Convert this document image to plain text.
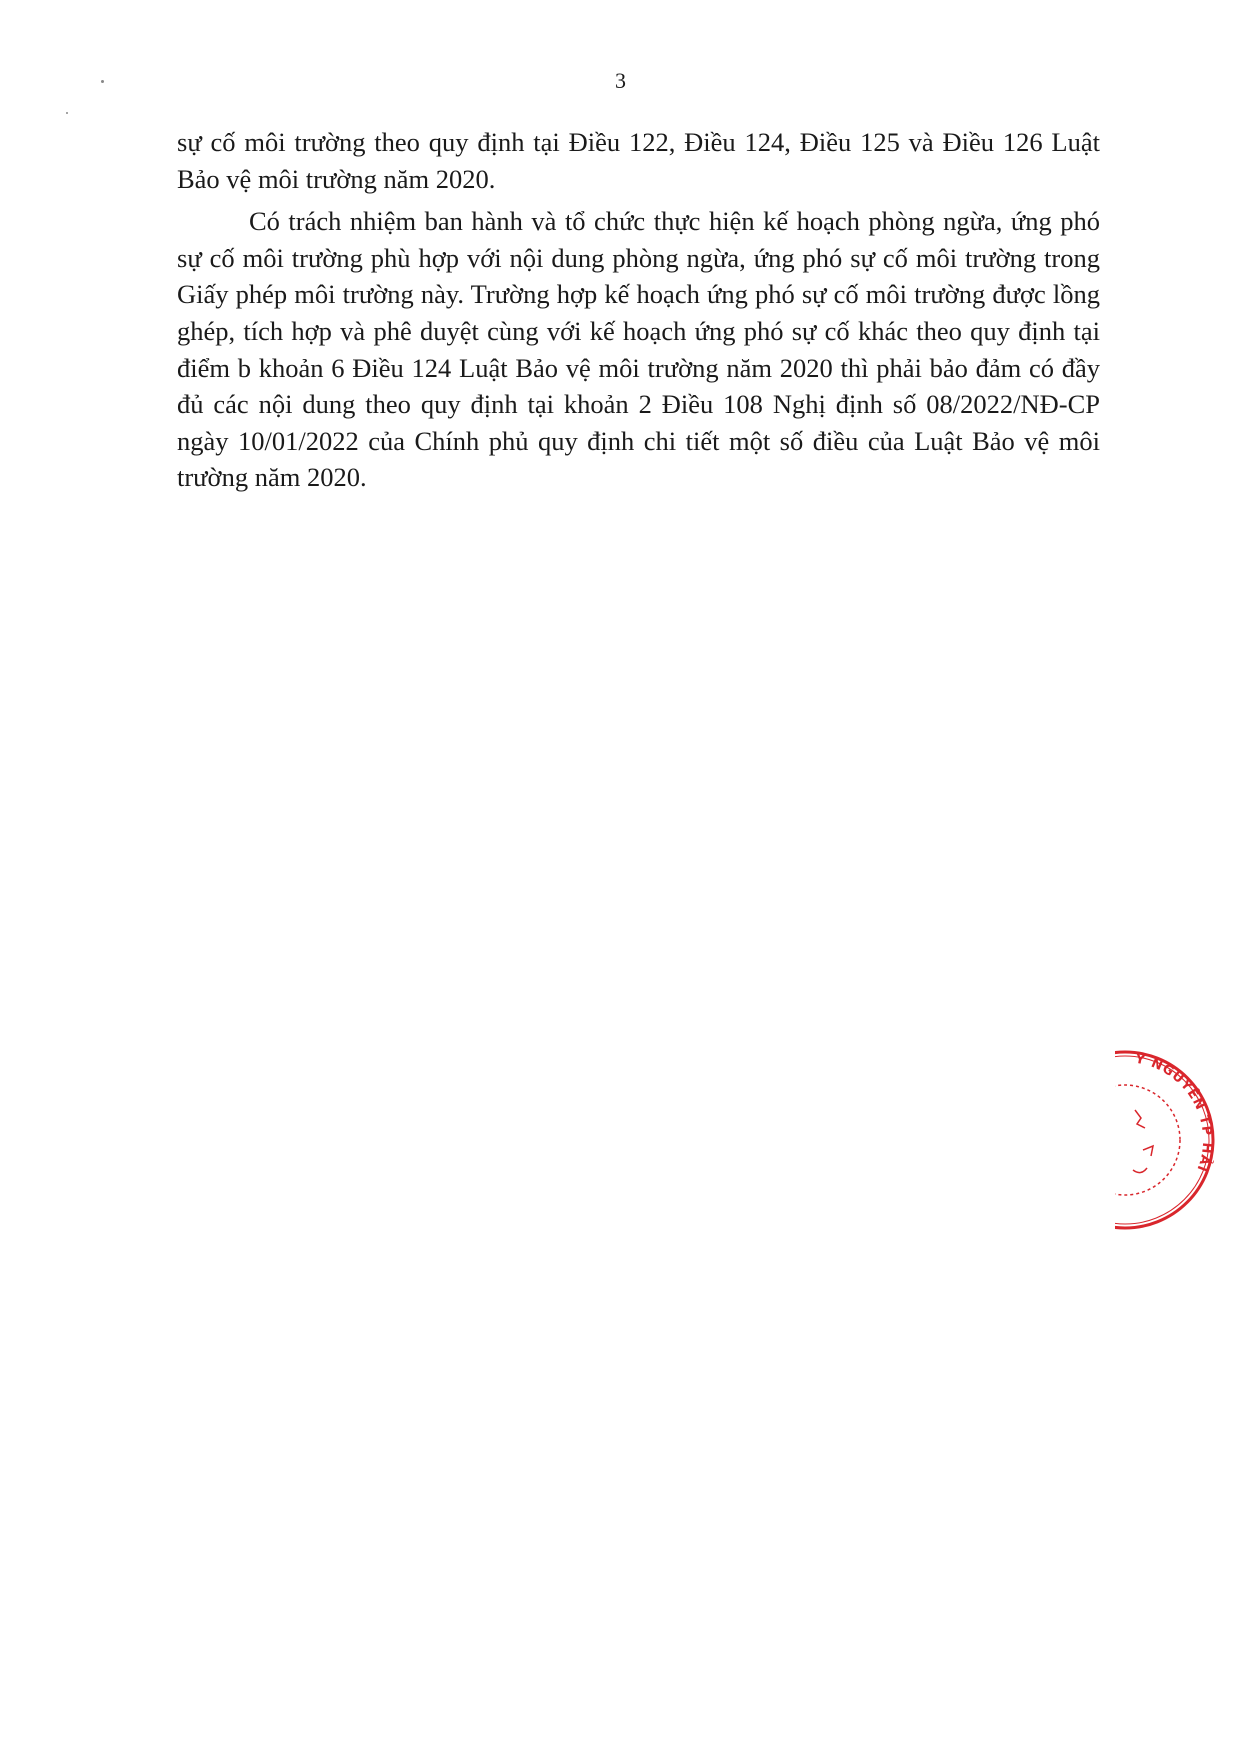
3

sự cố môi trường theo quy định tại Điều 122, Điều 124, Điều 125 và Điều 126 Luật Bảo vệ môi trường năm 2020.

Có trách nhiệm ban hành và tổ chức thực hiện kế hoạch phòng ngừa, ứng phó sự cố môi trường phù hợp với nội dung phòng ngừa, ứng phó sự cố môi trường trong Giấy phép môi trường này. Trường hợp kế hoạch ứng phó sự cố môi trường được lồng ghép, tích hợp và phê duyệt cùng với kế hoạch ứng phó sự cố khác theo quy định tại điểm b khoản 6 Điều 124 Luật Bảo vệ môi trường năm 2020 thì phải bảo đảm có đầy đủ các nội dung theo quy định tại khoản 2 Điều 108 Nghị định số 08/2022/NĐ-CP ngày 10/01/2022 của Chính phủ quy định chi tiết một số điều của Luật Bảo vệ môi trường năm 2020.

Y NGUYÊN TP HẢI
